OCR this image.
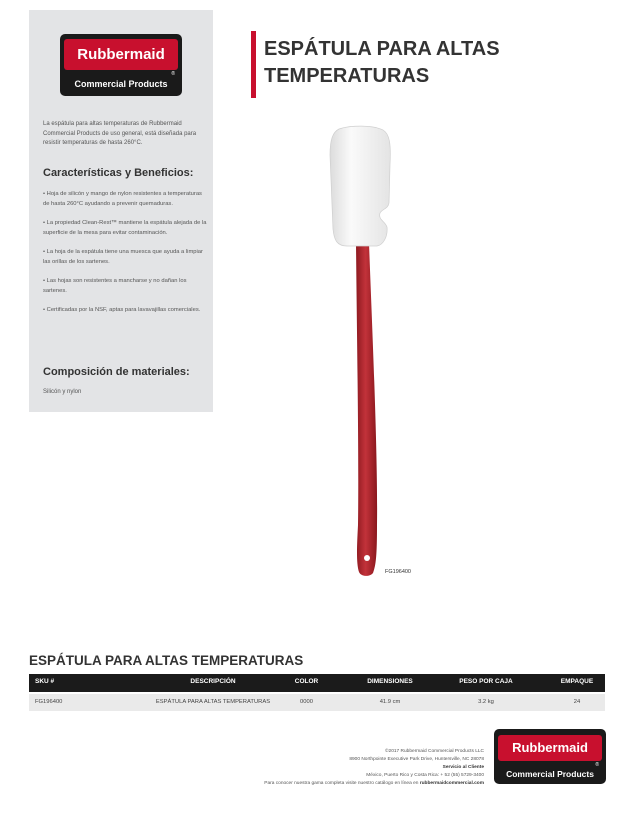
Rubbermaid
®
Commercial Products
La espátula para altas temperaturas de Rubbermaid Commercial Products de uso general, está diseñada para resistir temperaturas de hasta 260°C.
Características y Beneficios:
• Hoja de silicón y mango de nylon resistentes a temperaturas de hasta 260°C ayudando a prevenir quemaduras.
• La propiedad Clean-Rest™ mantiene la espátula alejada de la superficie de la mesa para evitar contaminación.
• La hoja de la espátula tiene una muesca que ayuda a limpiar las orillas de los sartenes.
• Las hojas son resistentes a mancharse y no dañan los sartenes.
• Certificadas por la NSF, aptas para lavavajillas comerciales.
Composición de materiales:
Silicón y nylon
ESPÁTULA PARA ALTAS
TEMPERATURAS
FG196400
ESPÁTULA PARA ALTAS TEMPERATURAS
SKU #	DESCRIPCIÓN	COLOR	DIMENSIONES	PESO POR CAJA	EMPAQUE
FG196400	ESPÁTULA PARA ALTAS TEMPERATURAS	0000	41.9 cm	3.2 kg	24
©2017 Rubbermaid Commercial Products LLC
8900 Northpointe Executive Park Drive, Huntersville, NC 28078
Servicio al Cliente
México, Puerto Rico y Costa Rica: + 52 (55) 5729-3400
Para conocer nuestra gama completa visite nuestro catálogo en línea en rubbermaidcommercial.com
Rubbermaid
®
Commercial Products
